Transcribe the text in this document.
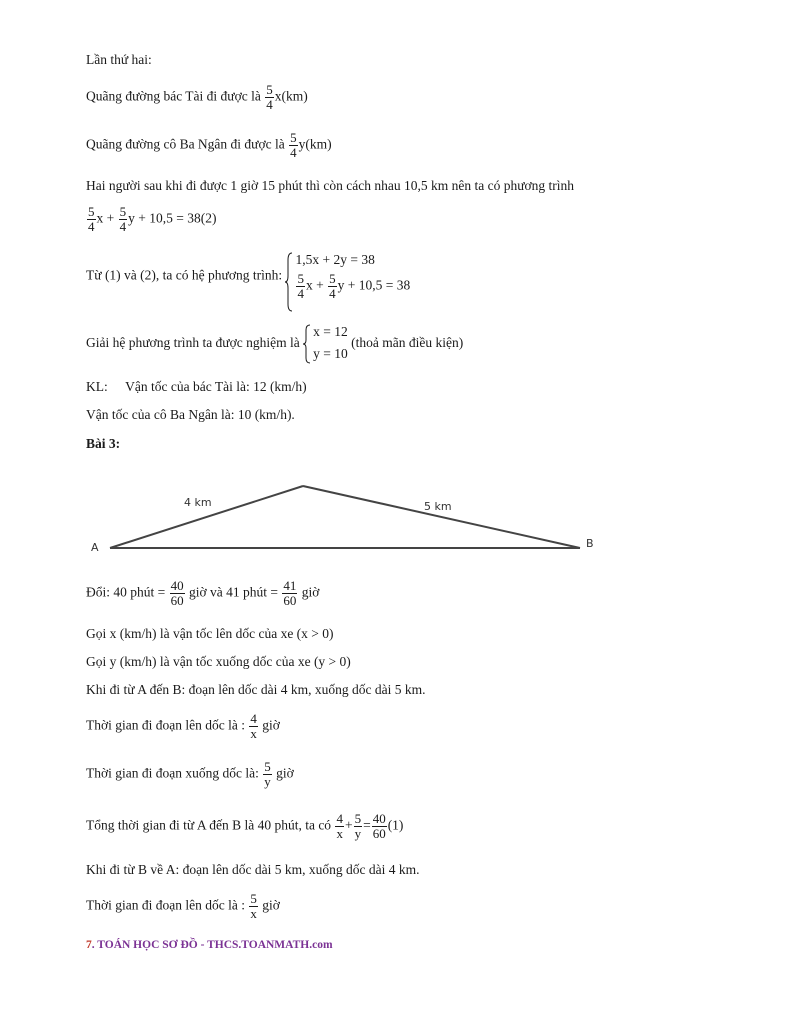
Lần thứ hai:
Quãng đường bác Tài đi được là $\frac{5}{4} x(km)$
Quãng đường cô Ba Ngân đi được là $\frac{5}{4} y(km)$
Hai người sau khi đi được 1 giờ 15 phút thì còn cách nhau 10,5 km nên ta có phương trình
$\frac{5}{4}$ $x + \frac{5}{4}$ y + 10,5 = 38(2)
Từ (1) và (2), ta có hệ phương trình:
1,5x + 2y = 38
$\frac{5}{4}$ $x + \frac{5}{4}$ y + 10,5 = 38
Giải hệ phương trình ta được nghiệm là
x = 12
y = 10
(thoả mãn điều kiện)
KL: Vận tốc của bác Tài là: 12 (km/h)
Vận tốc của cô Ba Ngân là: 10 (km/h).
Bài 3:
A	B
4 km	5 km
Đổi: 40 phút = $\frac{40}{60}$ giờ và 41 phút = $\frac{41}{60}$ giờ
Gọi x (km/h) là vận tốc lên dốc của xe (x > 0)
Gọi y (km/h) là vận tốc xuống dốc của xe (y > 0)
Khi đi từ A đến B: đoạn lên dốc dài 4 km, xuống dốc dài 5 km.
Thời gian đi đoạn lên dốc là : $\frac{4}{x}$ giờ
Thời gian đi đoạn xuống dốc là: $\frac{5}{y}$ giờ
Tổng thời gian đi từ A đến B là 40 phút, ta có $\frac{4}{x} + \frac{5}{y} = \frac{40}{60} (1)$
Khi đi từ B về A: đoạn lên dốc dài 5 km, xuống dốc dài 4 km.
Thời gian đi đoạn lên dốc là : $\frac{5}{x}$ giờ
7. TOÁN HỌC SƠ ĐỒ - THCS.TOANMATH.com
